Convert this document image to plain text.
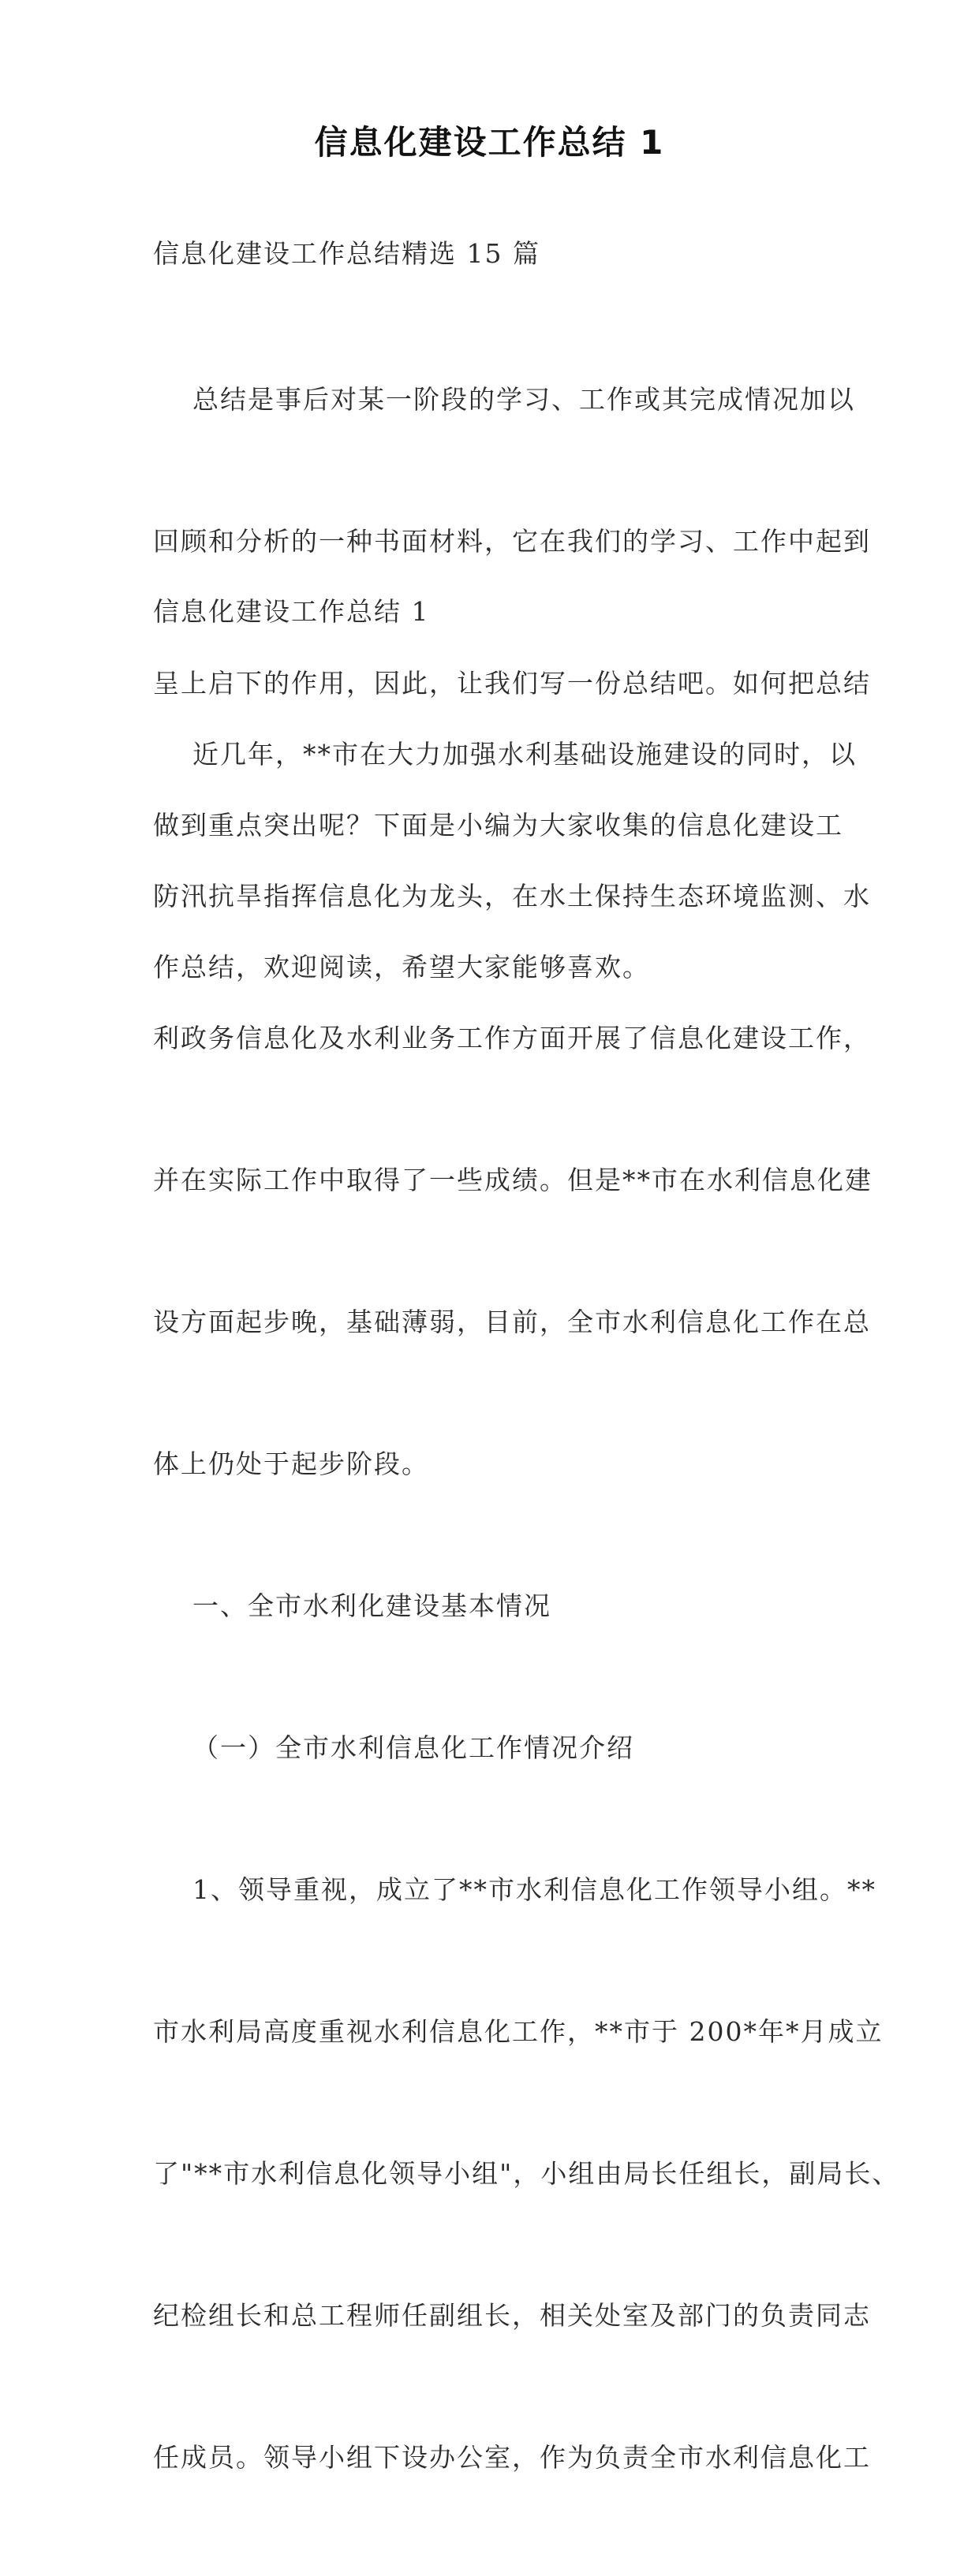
信息化建设工作总结 1

信息化建设工作总结精选 15 篇

总结是事后对某一阶段的学习、工作或其完成情况加以

回顾和分析的一种书面材料，它在我们的学习、工作中起到

呈上启下的作用，因此，让我们写一份总结吧。如何把总结

做到重点突出呢？下面是小编为大家收集的信息化建设工

作总结，欢迎阅读，希望大家能够喜欢。

信息化建设工作总结 1

近几年，**市在大力加强水利基础设施建设的同时，以

防汛抗旱指挥信息化为龙头，在水土保持生态环境监测、水

利政务信息化及水利业务工作方面开展了信息化建设工作，

并在实际工作中取得了一些成绩。但是**市在水利信息化建

设方面起步晚，基础薄弱，目前，全市水利信息化工作在总

体上仍处于起步阶段。

一、全市水利化建设基本情况

（一）全市水利信息化工作情况介绍

1、领导重视，成立了**市水利信息化工作领导小组。**

市水利局高度重视水利信息化工作，**市于 200*年*月成立

了"**市水利信息化领导小组"，小组由局长任组长，副局长、

纪检组长和总工程师任副组长，相关处室及部门的负责同志

任成员。领导小组下设办公室，作为负责全市水利信息化工
